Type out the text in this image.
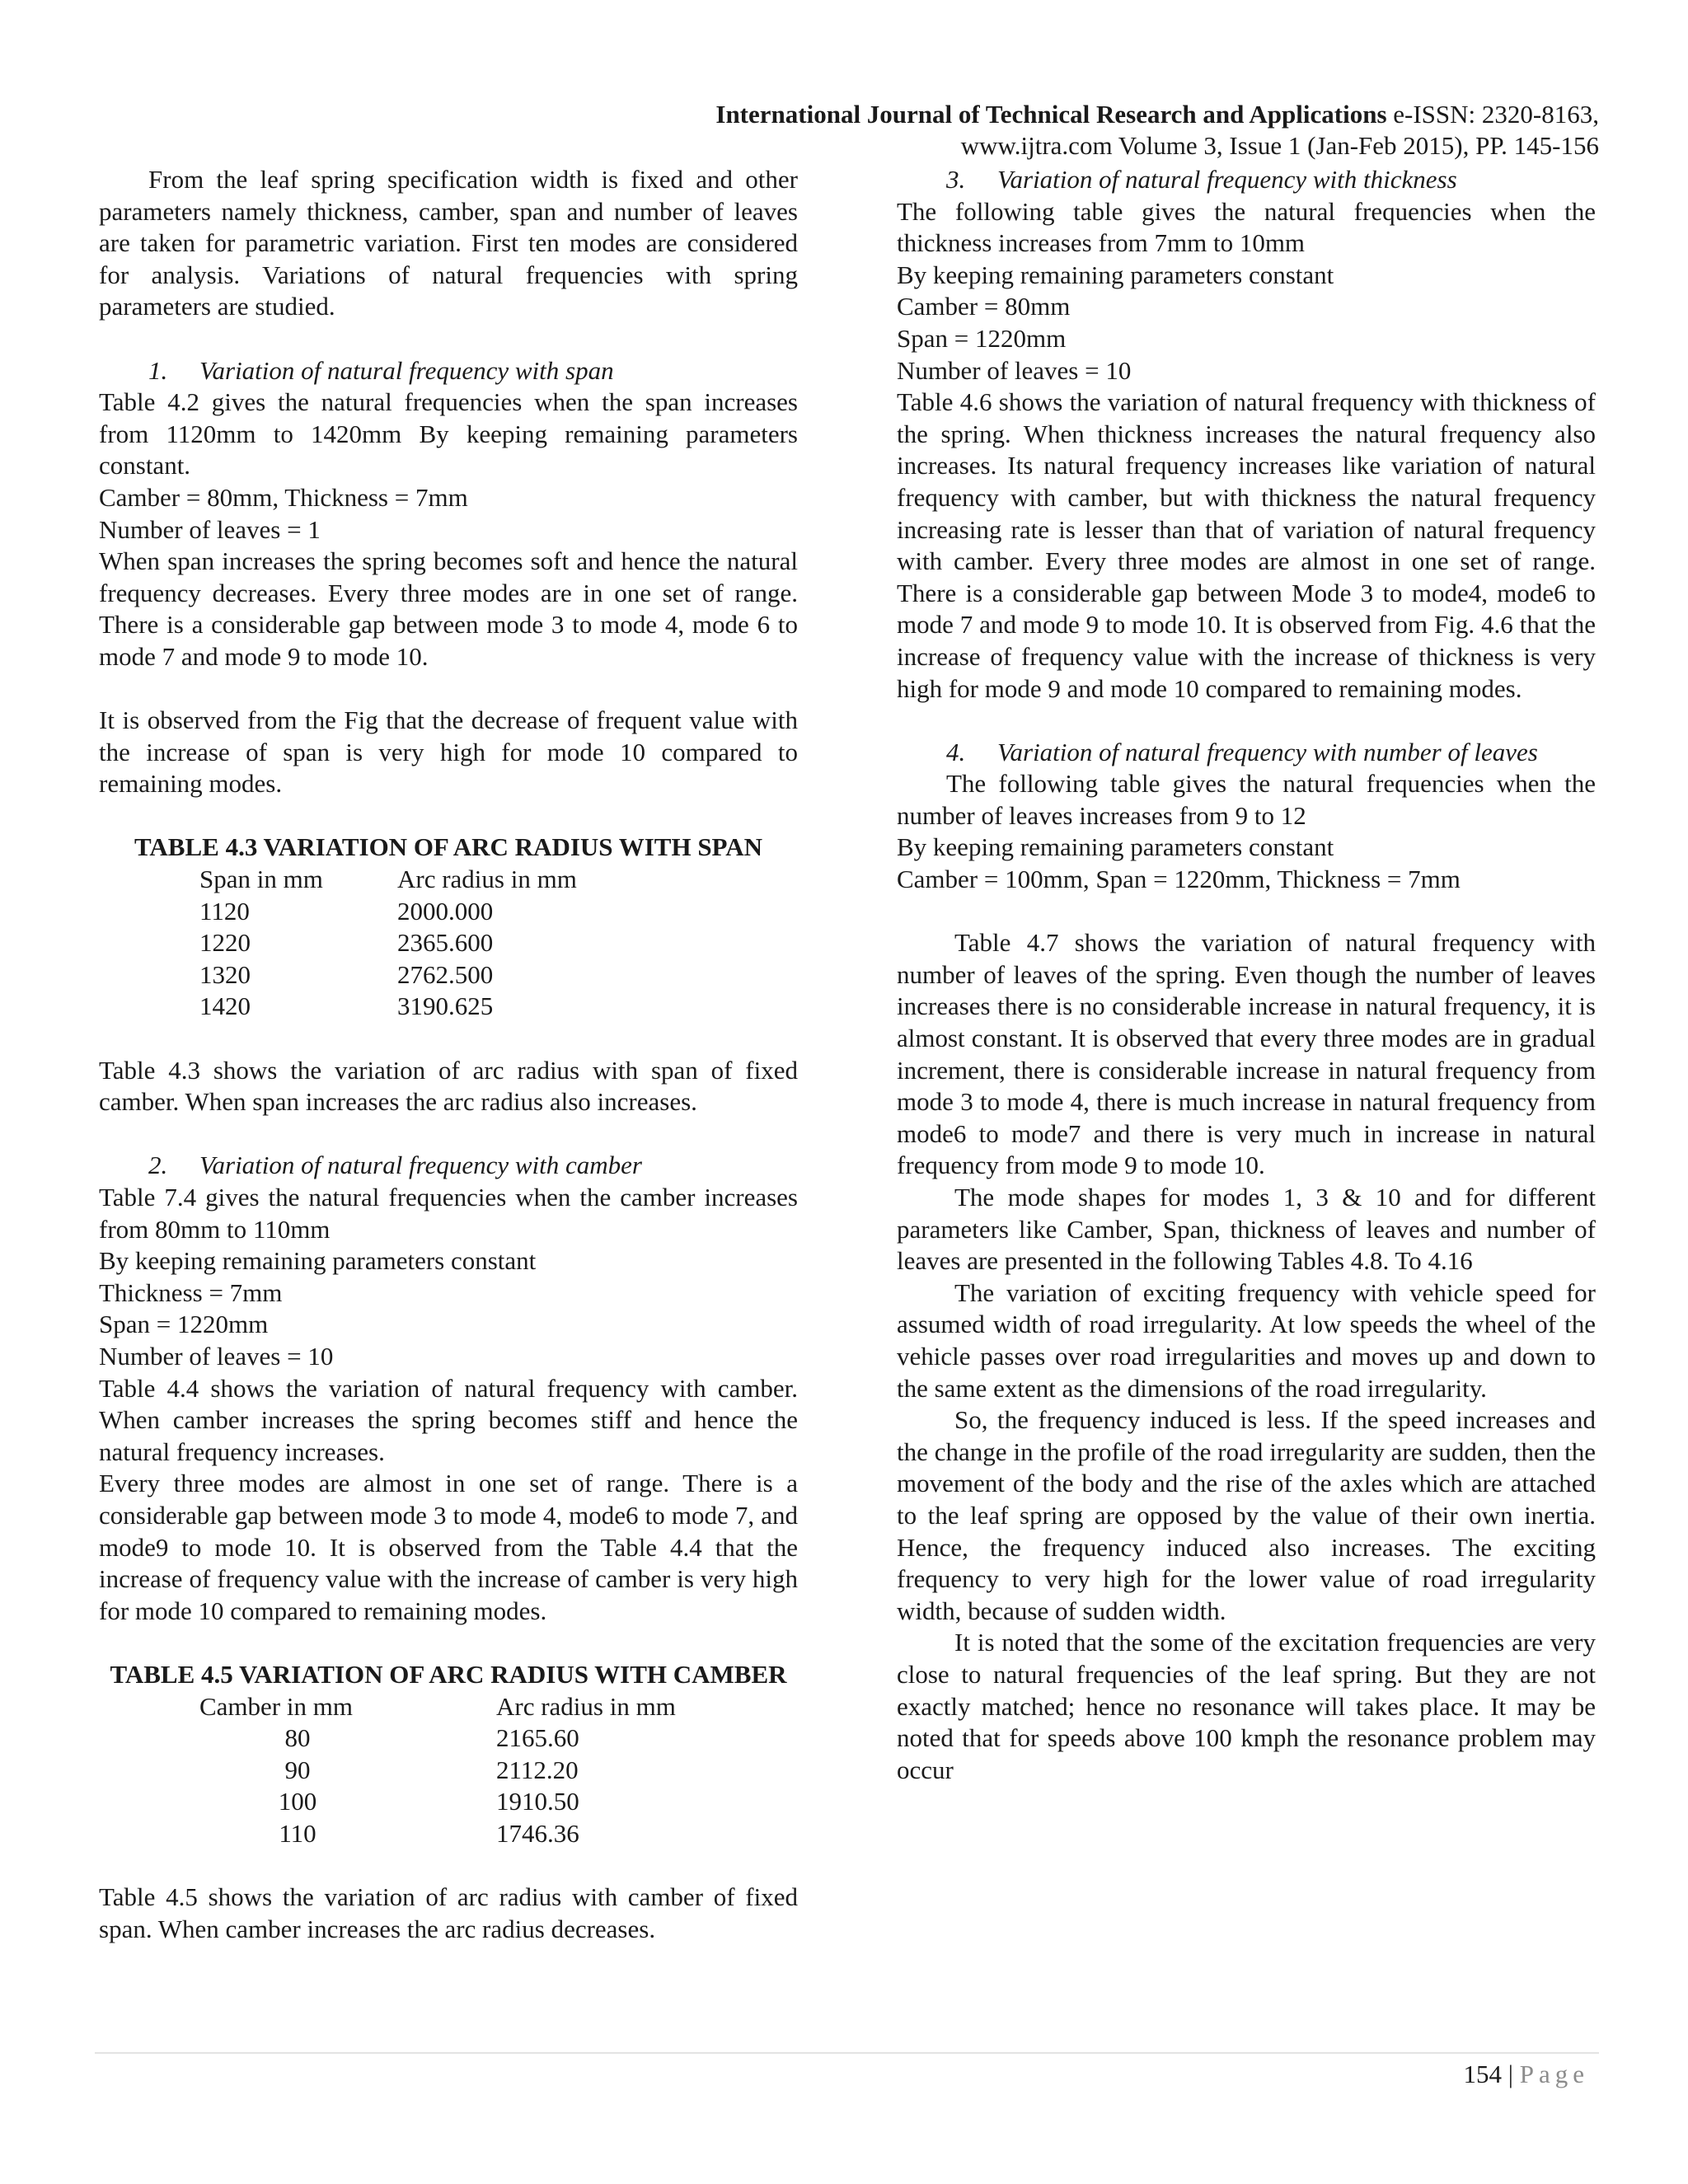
International Journal of Technical Research and Applications e-ISSN: 2320-8163,
www.ijtra.com Volume 3, Issue 1 (Jan-Feb 2015), PP. 145-156

From the leaf spring specification width is fixed and other parameters namely thickness, camber, span and number of leaves are taken for parametric variation. First ten modes are considered for analysis. Variations of natural frequencies with spring parameters are studied.

1. Variation of natural frequency with span

Table 4.2 gives the natural frequencies when the span increases from 1120mm to 1420mm By keeping remaining parameters constant.

Camber = 80mm, Thickness = 7mm

Number of leaves = 1

When span increases the spring becomes soft and hence the natural frequency decreases. Every three modes are in one set of range. There is a considerable gap between mode 3 to mode 4, mode 6 to mode 7 and mode 9 to mode 10.

It is observed from the Fig that the decrease of frequent value with the increase of span is very high for mode 10 compared to remaining modes.

TABLE 4.3 VARIATION OF ARC RADIUS WITH SPAN

Span in mm	Arc radius in mm
1120	2000.000
1220	2365.600
1320	2762.500
1420	3190.625

Table 4.3 shows the variation of arc radius with span of fixed camber. When span increases the arc radius also increases.

2. Variation of natural frequency with camber

Table 7.4 gives the natural frequencies when the camber increases from 80mm to 110mm

By keeping remaining parameters constant

Thickness = 7mm

Span = 1220mm

Number of leaves = 10

Table 4.4 shows the variation of natural frequency with camber. When camber increases the spring becomes stiff and hence the natural frequency increases.

Every three modes are almost in one set of range. There is a considerable gap between mode 3 to mode 4, mode6 to mode 7, and mode9 to mode 10. It is observed from the Table 4.4 that the increase of frequency value with the increase of camber is very high for mode 10 compared to remaining modes.

TABLE 4.5 VARIATION OF ARC RADIUS WITH CAMBER

Camber in mm	Arc radius in mm
80	2165.60
90	2112.20
100	1910.50
110	1746.36

Table 4.5 shows the variation of arc radius with camber of fixed span. When camber increases the arc radius decreases.

3. Variation of natural frequency with thickness

The following table gives the natural frequencies when the thickness increases from 7mm to 10mm

By keeping remaining parameters constant

Camber = 80mm

Span = 1220mm

Number of leaves = 10

Table 4.6 shows the variation of natural frequency with thickness of the spring. When thickness increases the natural frequency also increases. Its natural frequency increases like variation of natural frequency with camber, but with thickness the natural frequency increasing rate is lesser than that of variation of natural frequency with camber. Every three modes are almost in one set of range. There is a considerable gap between Mode 3 to mode4, mode6 to mode 7 and mode 9 to mode 10. It is observed from Fig. 4.6 that the increase of frequency value with the increase of thickness is very high for mode 9 and mode 10 compared to remaining modes.

4. Variation of natural frequency with number of leaves

The following table gives the natural frequencies when the number of leaves increases from 9 to 12

By keeping remaining parameters constant

Camber = 100mm, Span = 1220mm, Thickness = 7mm

Table 4.7 shows the variation of natural frequency with number of leaves of the spring. Even though the number of leaves increases there is no considerable increase in natural frequency, it is almost constant. It is observed that every three modes are in gradual increment, there is considerable increase in natural frequency from mode 3 to mode 4, there is much increase in natural frequency from mode6 to mode7 and there is very much in increase in natural frequency from mode 9 to mode 10.

The mode shapes for modes 1, 3 & 10 and for different parameters like Camber, Span, thickness of leaves and number of leaves are presented in the following Tables 4.8. To 4.16

The variation of exciting frequency with vehicle speed for assumed width of road irregularity. At low speeds the wheel of the vehicle passes over road irregularities and moves up and down to the same extent as the dimensions of the road irregularity.

So, the frequency induced is less. If the speed increases and the change in the profile of the road irregularity are sudden, then the movement of the body and the rise of the axles which are attached to the leaf spring are opposed by the value of their own inertia. Hence, the frequency induced also increases. The exciting frequency to very high for the lower value of road irregularity width, because of sudden width.

It is noted that the some of the excitation frequencies are very close to natural frequencies of the leaf spring. But they are not exactly matched; hence no resonance will takes place. It may be noted that for speeds above 100 kmph the resonance problem may occur

154 | Page
